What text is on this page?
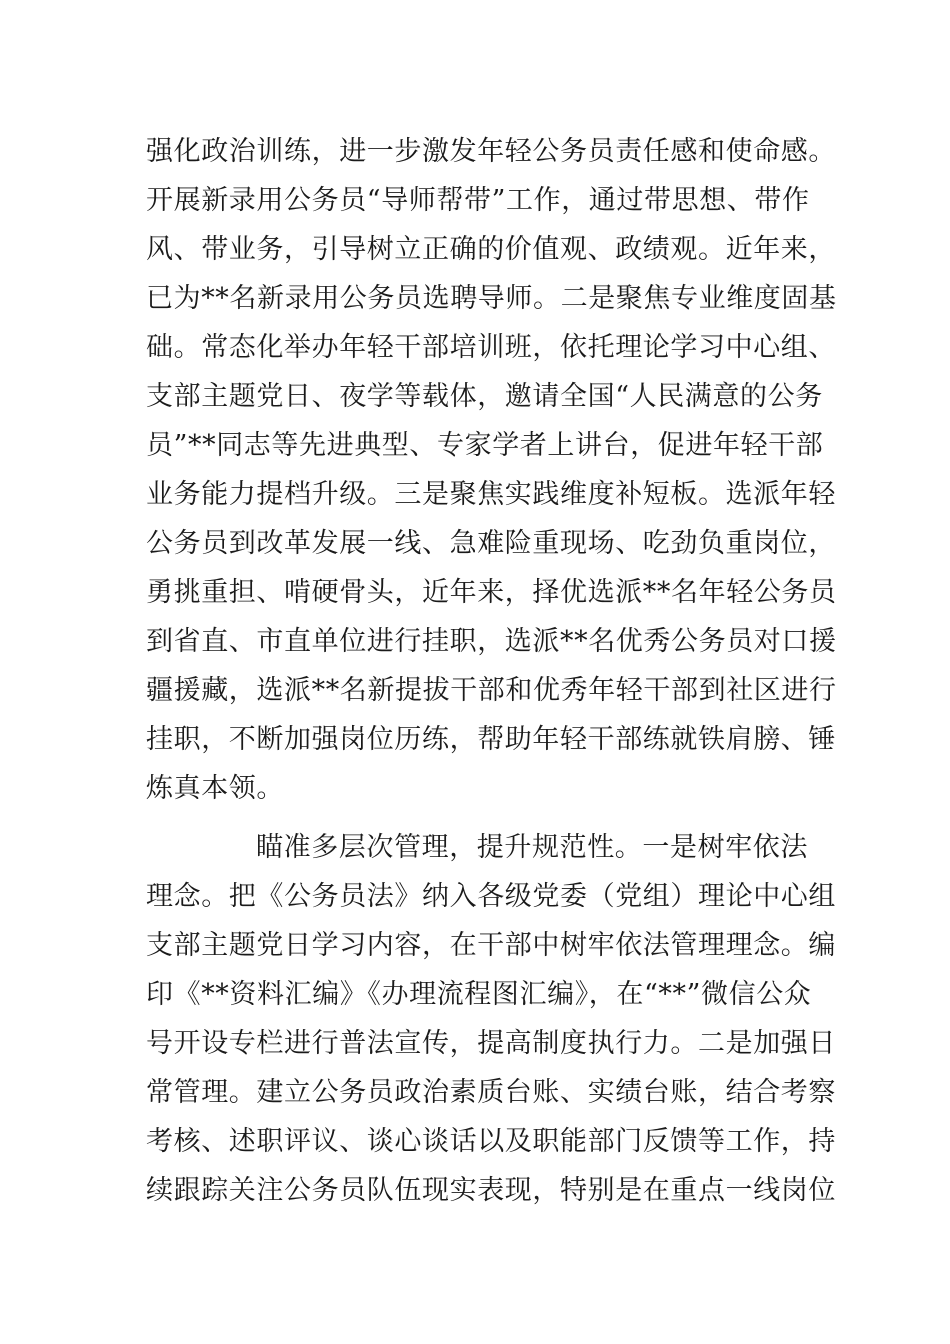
强化政治训练，进一步激发年轻公务员责任感和使命感。
开展新录用公务员“导师帮带”工作，通过带思想、带作
风、带业务，引导树立正确的价值观、政绩观。近年来，
已为**名新录用公务员选聘导师。二是聚焦专业维度固基
础。常态化举办年轻干部培训班，依托理论学习中心组、
支部主题党日、夜学等载体，邀请全国“人民满意的公务
员”**同志等先进典型、专家学者上讲台，促进年轻干部
业务能力提档升级。三是聚焦实践维度补短板。选派年轻
公务员到改革发展一线、急难险重现场、吃劲负重岗位，
勇挑重担、啃硬骨头，近年来，择优选派**名年轻公务员
到省直、市直单位进行挂职，选派**名优秀公务员对口援
疆援藏，选派**名新提拔干部和优秀年轻干部到社区进行
挂职，不断加强岗位历练，帮助年轻干部练就铁肩膀、锤
炼真本领。
瞄准多层次管理，提升规范性。一是树牢依法
理念。把《公务员法》纳入各级党委（党组）理论中心组
支部主题党日学习内容，在干部中树牢依法管理理念。编
印《**资料汇编》《办理流程图汇编》，在“**”微信公众
号开设专栏进行普法宣传，提高制度执行力。二是加强日
常管理。建立公务员政治素质台账、实绩台账，结合考察
考核、述职评议、谈心谈话以及职能部门反馈等工作，持
续跟踪关注公务员队伍现实表现，特别是在重点一线岗位
